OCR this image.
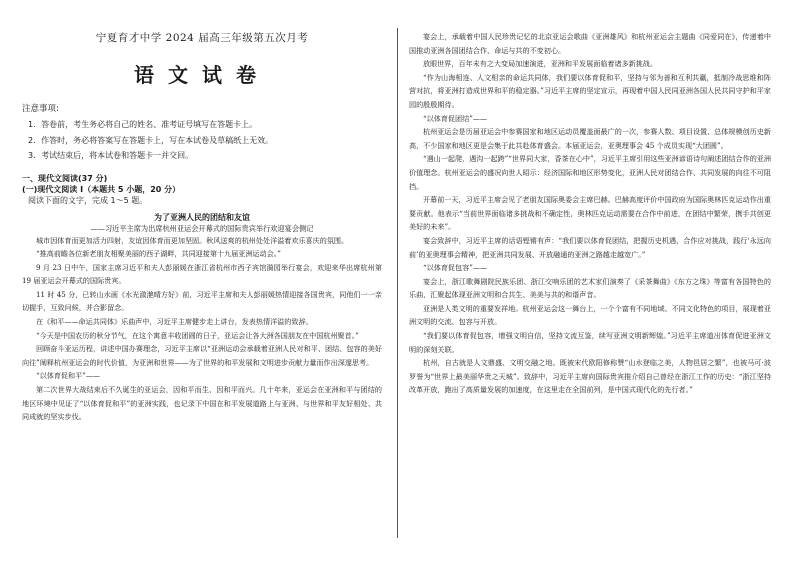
宁夏育才中学 2024 届高三年级第五次月考
语文试卷
注意事项:
1．答卷前，考生务必将自己的姓名、准考证号填写在答题卡上。
2．作答时，务必将答案写在答题卡上，写在本试卷及草稿纸上无效。
3．考试结束后，将本试卷和答题卡一并交回。
一、现代文阅读(37 分)
(一)现代文阅读 I（本题共 5 小题，20 分）
阅读下面的文字，完成 1～5 题。
为了亚洲人民的团结和友谊
——习近平主席为出席杭州亚运会开幕式的国际贵宾举行欢迎宴会侧记

城市因体育而更加活力四射，友谊因体育而更加坚固。秋风送爽的杭州处处洋溢着欢乐喜庆的氛围。

“推高前瞻各位新老朋友相聚美丽的西子湖畔，共同迎接第十九届亚洲运动会。”

9 月 23 日中午，国家主席习近平和夫人彭丽媛在浙江省杭州市西子宾馆漪园举行宴会，欢迎来华出席杭州第 19 届亚运会开幕式的国际贵宾。

11 时 45 分，已转山水画《水光潋滟晴方好》前，习近平主席和夫人彭丽媛热情迎接各国贵宾，同他们一一亲切握手，互致问候，并合影留念。

在《和平——命运共同体》乐曲声中，习近平主席健步走上讲台，发表热情洋溢的致辞。

“今天是中国农历的秋分节气，在这个寓意丰收团圆的日子，亚运会让各大洲各国朋友在中国杭州聚首。”

回顾奋斗亚运历程，讲述中国办赛理念，习近平主席以“亚洲运动会承载着亚洲人民对和平、团结、包容的美好向往”阐释杭州亚运会的时代价值，为亚洲和世界——为了世界的和平发展和文明进步贡献力量而作出深邃思考。

“以体育促和平”——

第二次世界大战结束后不久诞生的亚运会，因和平而生、因和平而兴。几十年来，亚运会在亚洲和平与团结的地区环境中见证了“以体育促和平”的亚洲实践，也记录下中国在和平发展道路上与亚洲、与世界和平友好相处、共同成就的坚实步伐。

宴会上，承载着中国人民珍贵记忆的北京亚运会歌曲《亚洲雄风》和杭州亚运会主题曲《同爱同在》，传递着中国推动亚洲各国团结合作、命运与共的不变初心。

放眼世界，百年未有之大变局加速演进，亚洲和平发展面临着诸多新挑战。

“作为山海相连、人文相亲的命运共同体，我们要以体育促和平，坚持与邻为善和互利共赢，抵制冷战思维和阵营对抗，将亚洲打造成世界和平的稳定器。”习近平主席的坚定宣示，再现着中国人民同亚洲各国人民共同守护和平家园的殷殷期待。

“以体育促团结”——

杭州亚运会是历届亚运会中参赛国家和地区运动员覆盖面最广的一次，参赛人数、项目设置、总体规模创历史新高，不少国家和地区更是会集于此共赴体育盛会。本届亚运会，亚奥理事会 45 个成员实现“大团圆”。

“遇山一起爬，遇沟一起跨”“世界同大家，香茶在心中”，习近平主席引用这些亚洲谚语诗句阐述团结合作的亚洲价值理念。杭州亚运会的盛况向世人昭示：经济国际和地区形势变化，亚洲人民对团结合作、共同发展的向往不可阻挡。

开幕前一天，习近平主席会见了老朋友国际奥委会主席巴赫。巴赫高度评价中国政府为国际奥林匹克运动作出重要贡献。他表示“当前世界面临诸多挑战和不确定性，奥林匹克运动需要在合作中前进，在团结中繁荣，携手共创更美好的未来”。

宴会致辞中，习近平主席的话语铿锵有声：“我们要以体育促团结，把握历史机遇，合作应对挑战，践行‘永远向前’的亚奥理事会精神，把亚洲共同发展、开放融通的亚洲之路越走越宽广。”

“以体育促包容”——

宴会上，浙江歌舞剧院民族乐团、浙江交响乐团的艺术家们演奏了《采茶舞曲》《东方之珠》等富有各国特色的乐曲，汇聚起体现亚洲文明和合共生、美美与共的和谐声音。

亚洲是人类文明的重要发祥地。杭州亚运会这一舞台上，一个个富有不同地域、不同文化特色的项目，展现着亚洲文明的交流、包容与开放。

“我们要以体育促包容，增强文明自信，坚持文流互鉴，续写亚洲文明新辉煌。”习近平主席道出体育促进亚洲文明的深刻关联。

杭州，自古就是人文鼎盛、文明交融之地。既被宋代欧阳修称赞“山水登临之美，人物邑居之繁”，也被马可·波罗誉为“世界上最美丽华贵之天城”。致辞中，习近平主席向国际贵宾推介绍自己曾经在浙江工作的历史：“浙江坚持改革开放，跑出了高质量发展的加速度，在这里走在全国前列，是中国式现代化的先行者。”
